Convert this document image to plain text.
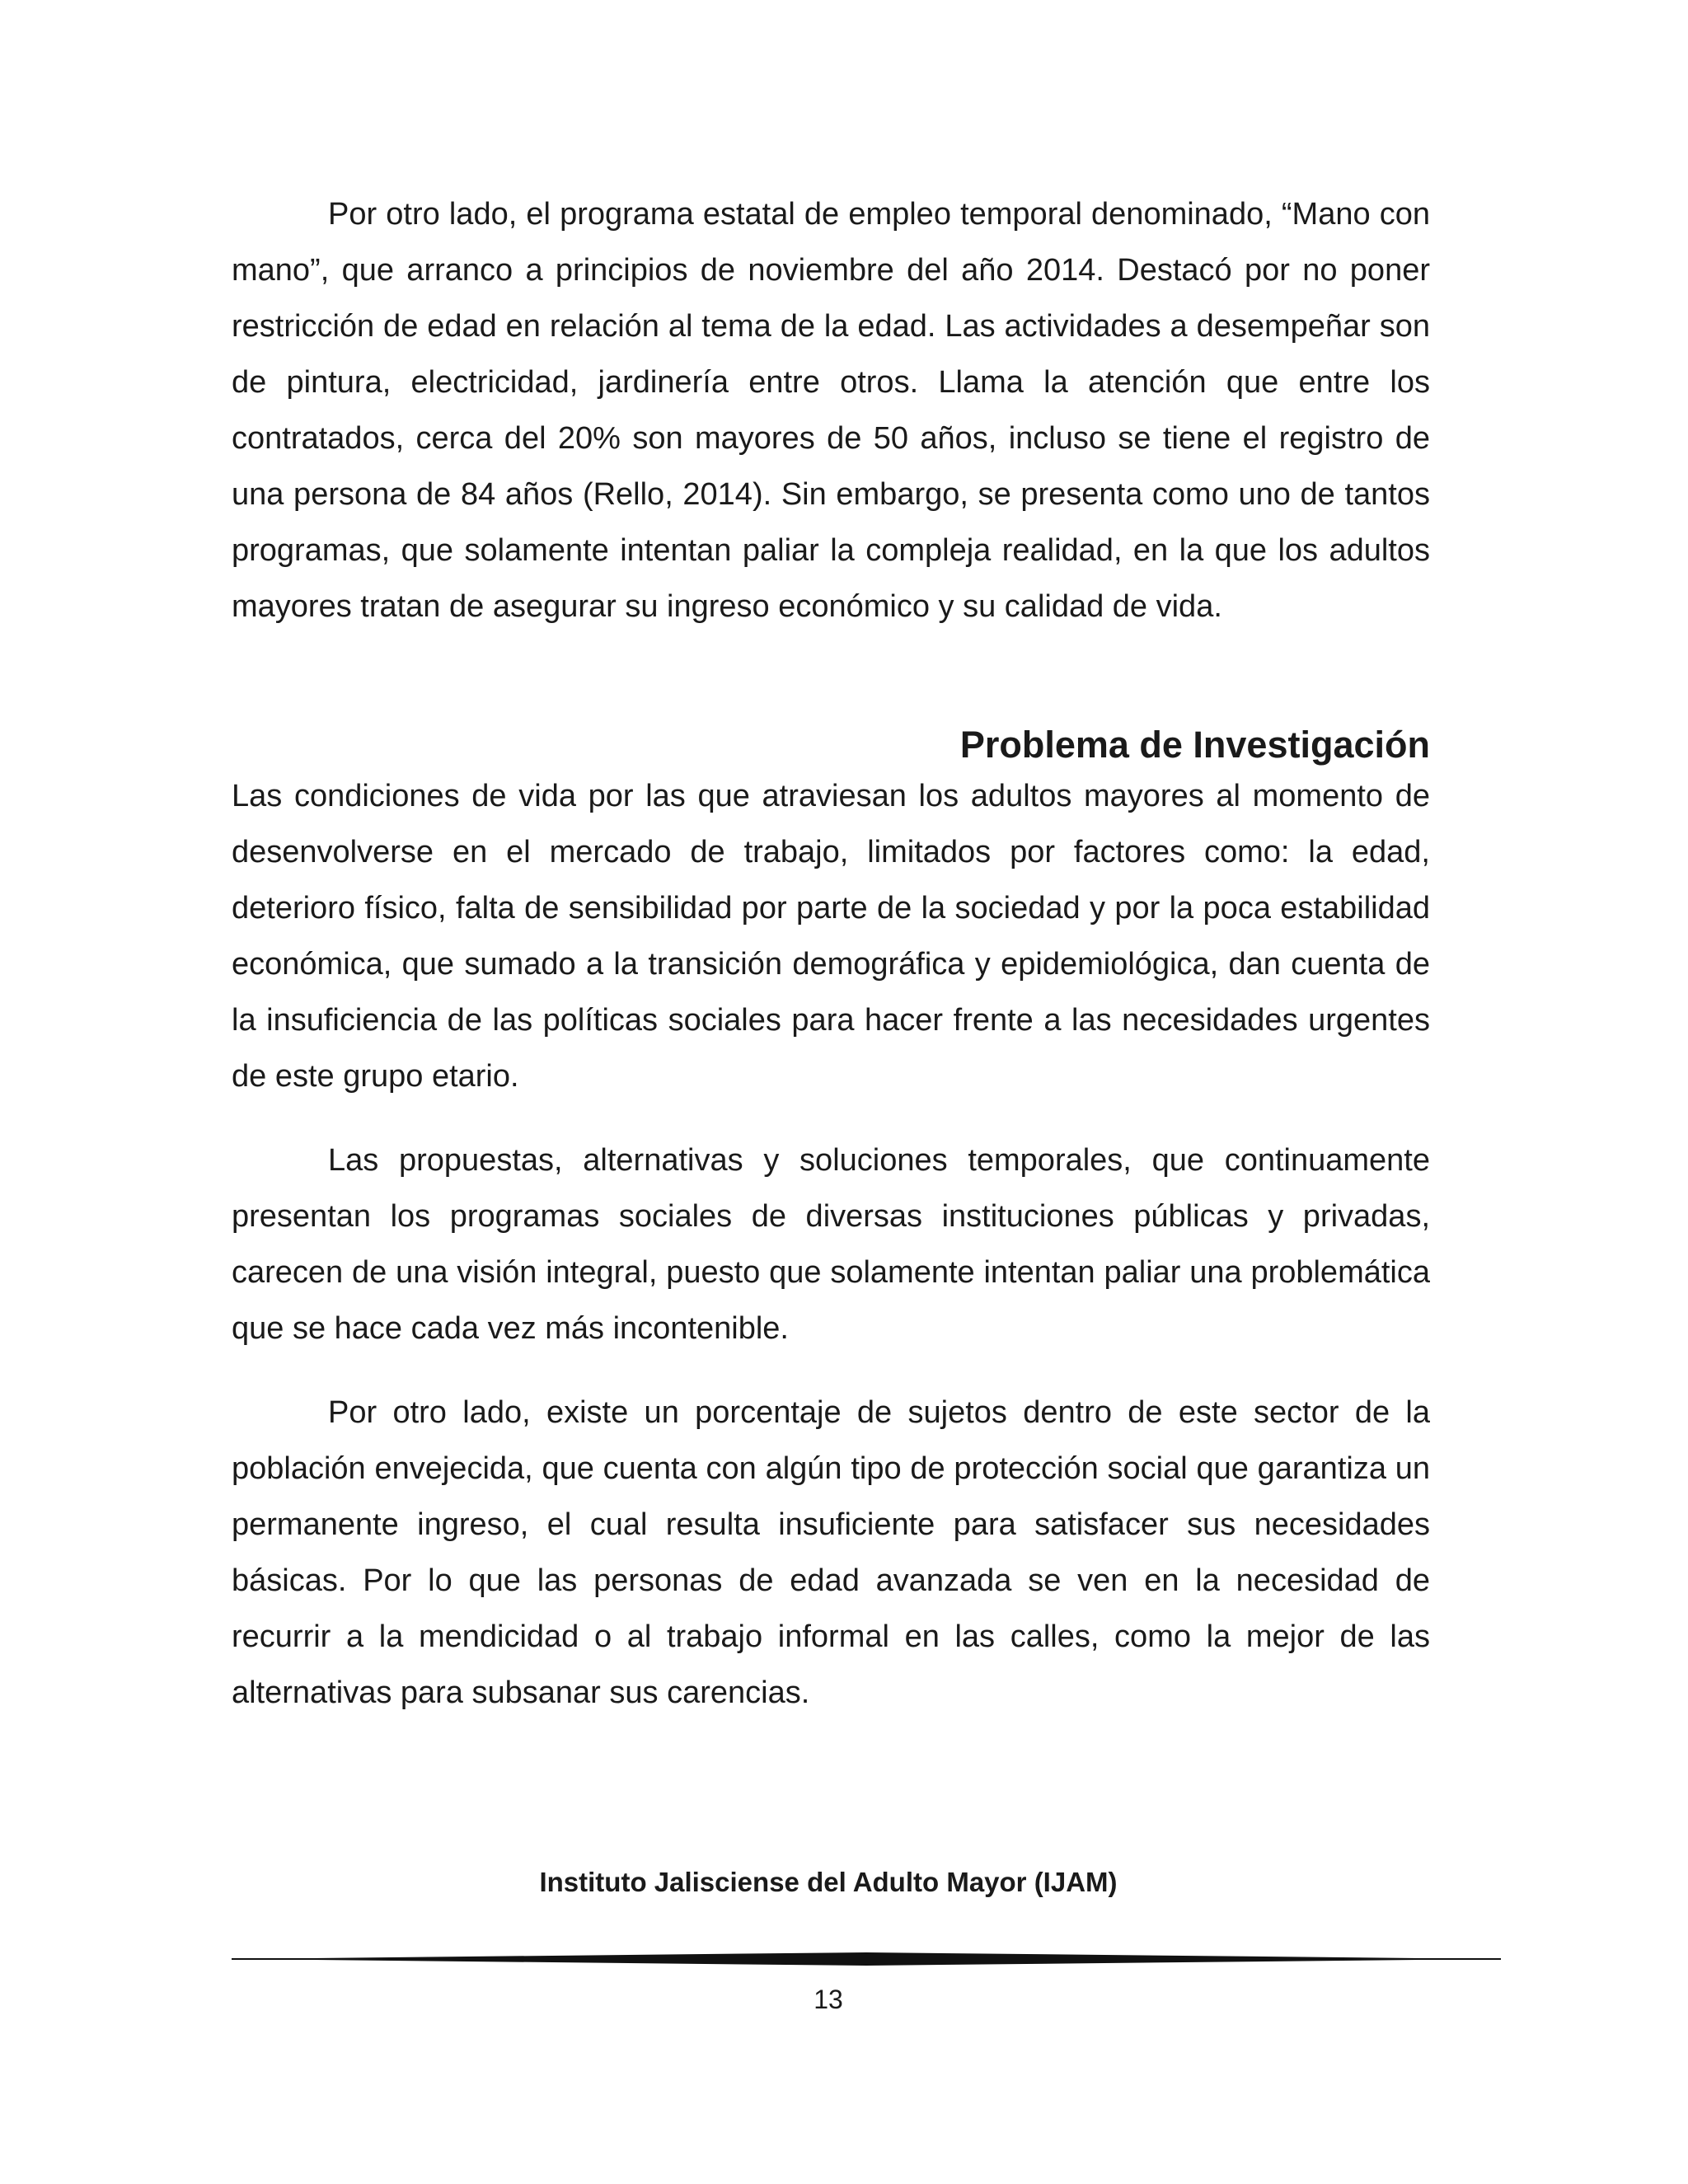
Por otro lado, el programa estatal de empleo temporal denominado, “Mano con mano”, que arranco a principios de noviembre del año 2014. Destacó por no poner restricción de edad en relación al tema de la edad. Las actividades a desempeñar son de pintura, electricidad, jardinería entre otros. Llama la atención que entre los contratados, cerca del 20% son mayores de 50 años, incluso se tiene el registro de una persona de 84 años (Rello, 2014). Sin embargo, se presenta como uno de tantos programas, que solamente intentan paliar la compleja realidad, en la que los adultos mayores tratan de asegurar su ingreso económico y su calidad de vida.

Problema de Investigación

Las condiciones de vida por las que atraviesan los adultos mayores al momento de desenvolverse en el mercado de trabajo, limitados por factores como: la edad, deterioro físico, falta de sensibilidad por parte de la sociedad y por la poca estabilidad económica, que sumado a la transición demográfica y epidemiológica, dan cuenta de la insuficiencia de las políticas sociales para hacer frente a las necesidades urgentes de este grupo etario.

Las propuestas, alternativas y soluciones temporales, que continuamente presentan los programas sociales de diversas instituciones públicas y privadas, carecen de una visión integral, puesto que solamente intentan paliar una problemática que se hace cada vez más incontenible.

Por otro lado, existe un porcentaje de sujetos dentro de este sector de la población envejecida, que cuenta con algún tipo de protección social que garantiza un permanente ingreso, el cual resulta insuficiente para satisfacer sus necesidades básicas. Por lo que las personas de edad avanzada se ven en la necesidad de recurrir a la mendicidad o al trabajo informal en las calles, como la mejor de las alternativas para subsanar sus carencias.

Instituto Jalisciense del Adulto Mayor (IJAM)

13
